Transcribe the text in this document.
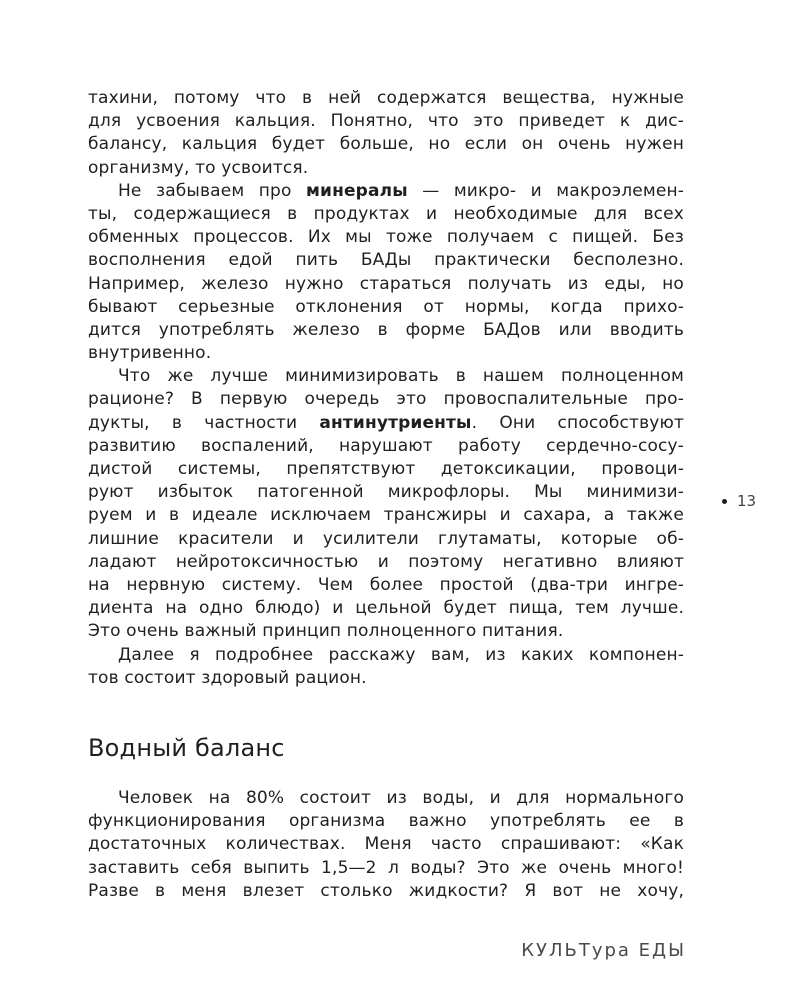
тахини, потому что в ней содержатся вещества, нужные
для усвоения кальция. Понятно, что это приведет к дис-
балансу, кальция будет больше, но если он очень нужен
организму, то усвоится.
Не забываем про минералы — микро- и макроэлемен-
ты, содержащиеся в продуктах и необходимые для всех
обменных процессов. Их мы тоже получаем с пищей. Без
восполнения едой пить БАДы практически бесполезно.
Например, железо нужно стараться получать из еды, но
бывают серьезные отклонения от нормы, когда прихо-
дится употреблять железо в форме БАДов или вводить
внутривенно.
Что же лучше минимизировать в нашем полноценном
рационе? В первую очередь это провоспалительные про-
дукты, в частности антинутриенты. Они способствуют
развитию воспалений, нарушают работу сердечно-сосу-
дистой системы, препятствуют детоксикации, провоци-
руют избыток патогенной микрофлоры. Мы минимизи-
руем и в идеале исключаем трансжиры и сахара, а также
лишние красители и усилители глутаматы, которые об-
ладают нейротоксичностью и поэтому негативно влияют
на нервную систему. Чем более простой (два-три ингре-
диента на одно блюдо) и цельной будет пища, тем лучше.
Это очень важный принцип полноценного питания.
Далее я подробнее расскажу вам, из каких компонен-
тов состоит здоровый рацион.
Водный баланс
Человек на 80% состоит из воды, и для нормального
функционирования организма важно употреблять ее в
достаточных количествах. Меня часто спрашивают: «Как
заставить себя выпить 1,5—2 л воды? Это же очень много!
Разве в меня влезет столько жидкости? Я вот не хочу,
13
КУЛЬТура ЕДЫ
